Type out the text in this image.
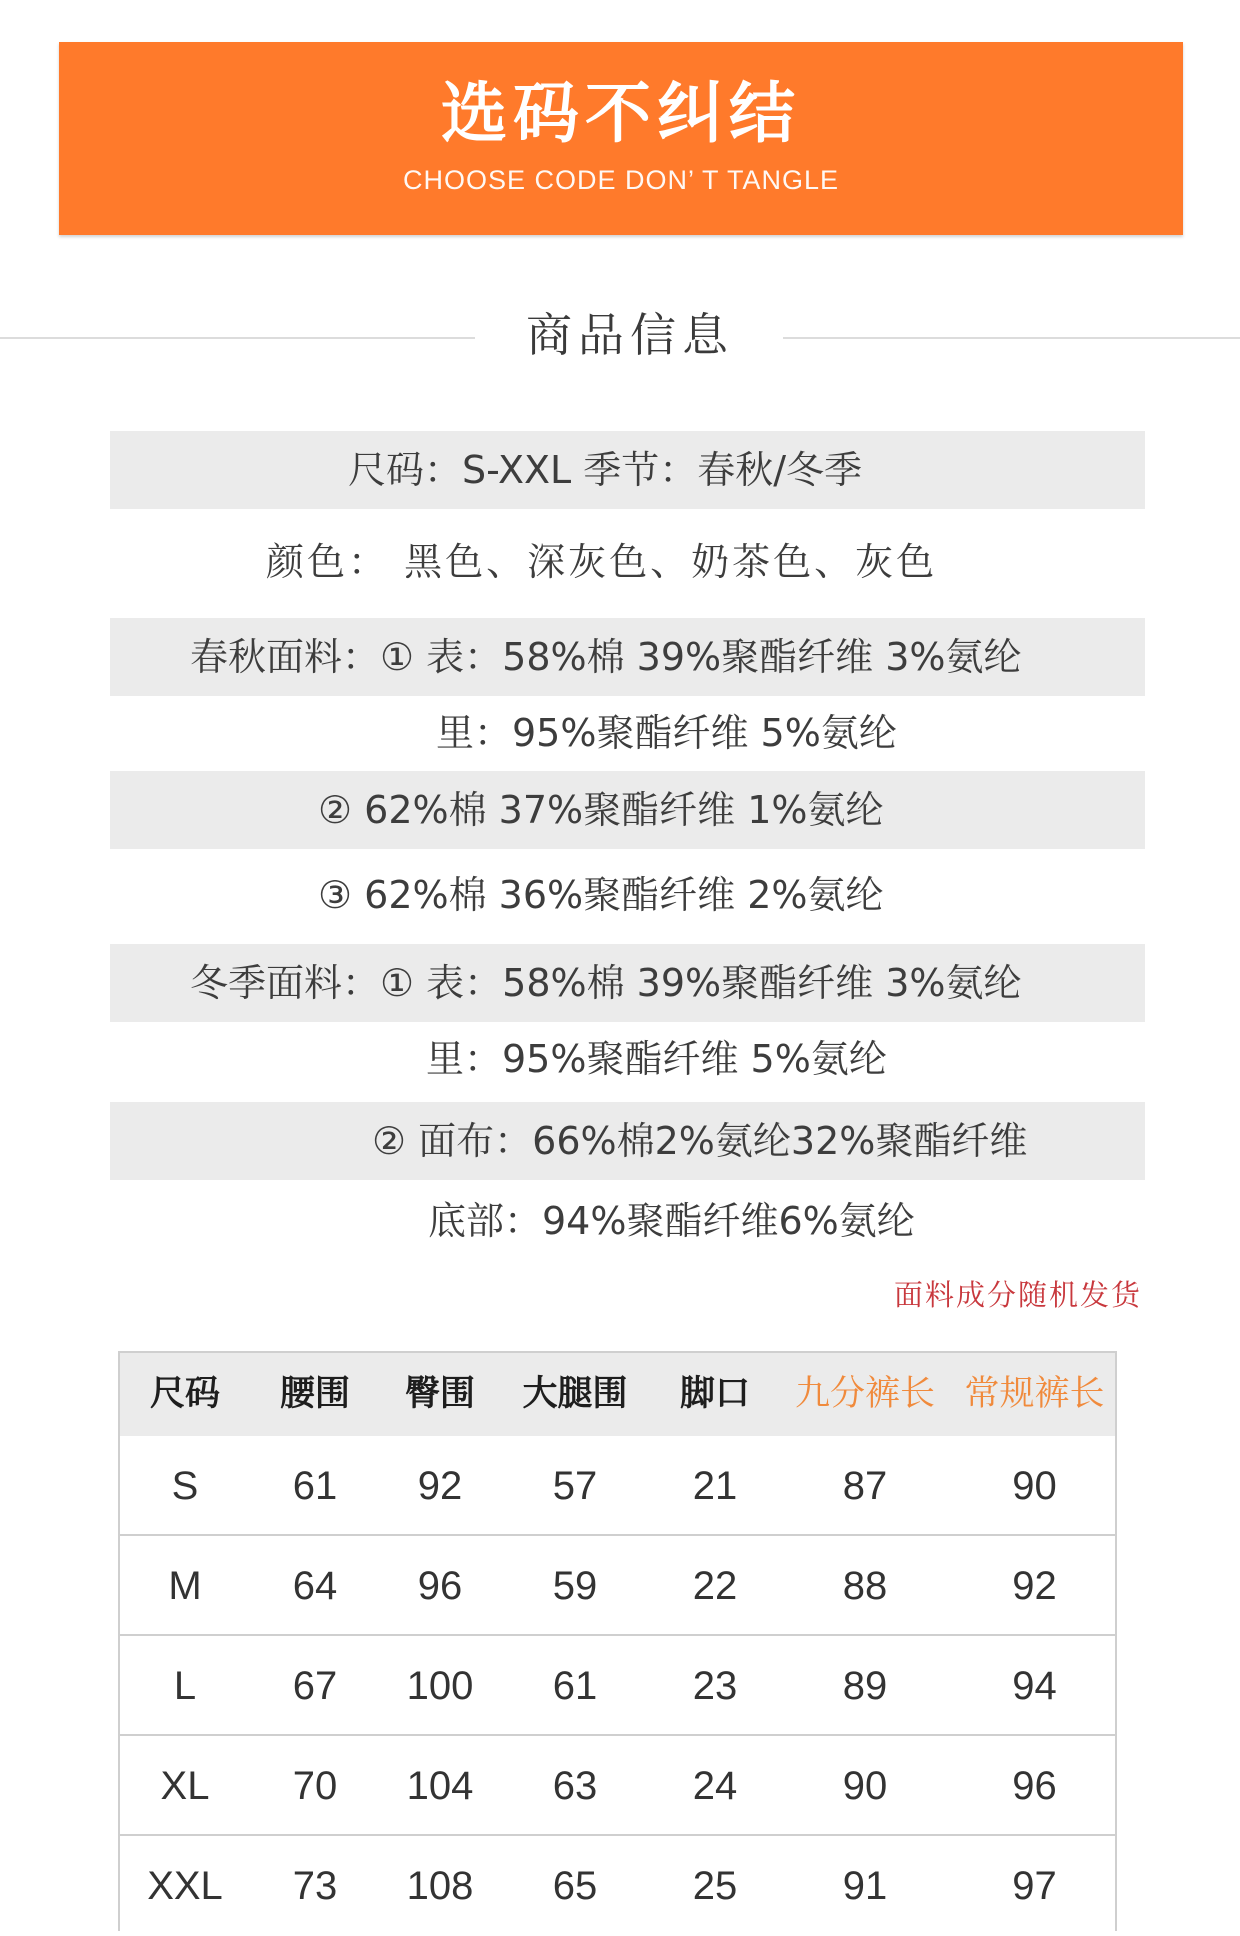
选码不纠结
CHOOSE CODE DON’ T TANGLE
商品信息
尺码：S-XXL 季节：春秋/冬季
颜色： 黑色、深灰色、奶茶色、灰色
春秋面料：① 表：58%棉 39%聚酯纤维 3%氨纶
里：95%聚酯纤维 5%氨纶
② 62%棉 37%聚酯纤维 1%氨纶
③ 62%棉 36%聚酯纤维 2%氨纶
冬季面料：① 表：58%棉 39%聚酯纤维 3%氨纶
里：95%聚酯纤维 5%氨纶
② 面布：66%棉2%氨纶32%聚酯纤维
底部：94%聚酯纤维6%氨纶
面料成分随机发货
尺码	腰围	臀围	大腿围	脚口	九分裤长 常规裤长
S	61	92	57	21	87	90
M	64	96	59	22	88	92
L	67	100	61	23	89	94
XL	70	104	63	24	90	96
XXL	73	108	65	25	91	97
